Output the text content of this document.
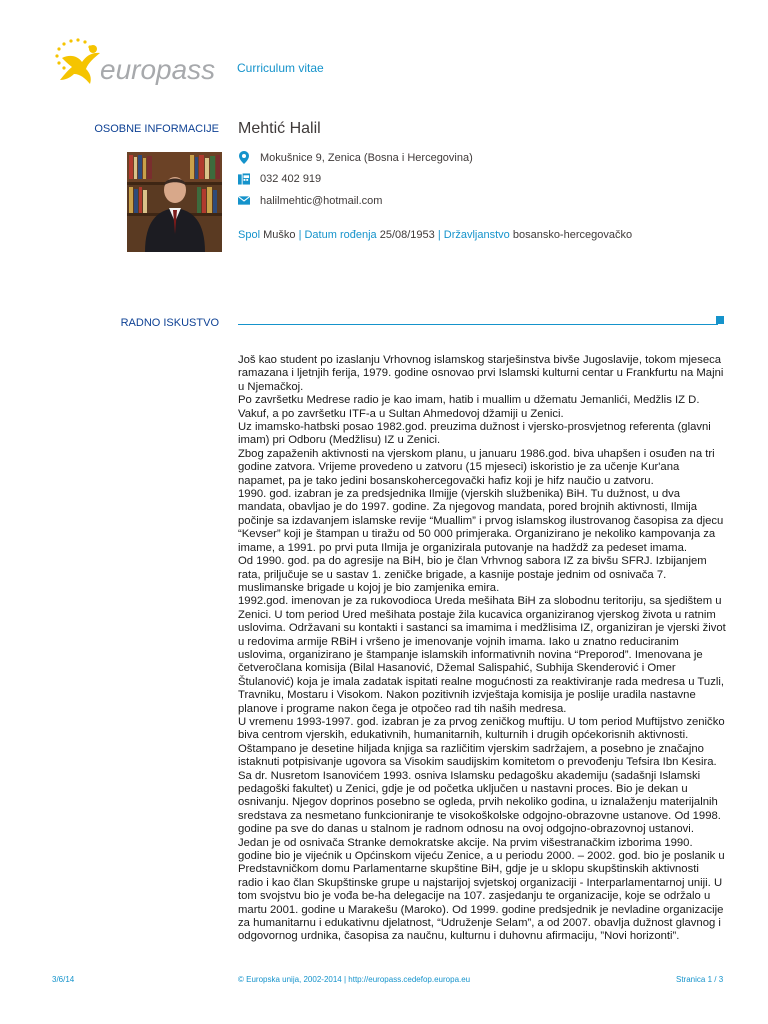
europass Curriculum vitae
OSOBNE INFORMACIJE Mehtić Halil
Mokušnice 9, Zenica (Bosna i Hercegovina)
032 402 919
halilmehtic@hotmail.com
Spol Muško | Datum rođenja 25/08/1953 | Državljanstvo bosansko-hercegovačko
RADNO ISKUSTVO

Još kao student po izaslanju Vrhovnog islamskog starješinstva bivše Jugoslavije, tokom mjeseca ramazana i ljetnjih ferija, 1979. godine osnovao prvi Islamski kulturni centar u Frankfurtu na Majni u Njemačkoj.

Po završetku Medrese radio je kao imam, hatib i muallim u džematu Jemanlići, Medžlis IZ D. Vakuf, a po završetku ITF-a u Sultan Ahmedovoj džamiji u Zenici.

Uz imamsko-hatbski posao 1982.god. preuzima dužnost i vjersko-prosvjetnog referenta (glavni imam) pri Odboru (Medžlisu) IZ u Zenici.

Zbog zapaženih aktivnosti na vjerskom planu, u januaru 1986.god. biva uhapšen i osuđen na tri godine zatvora. Vrijeme provedeno u zatvoru (15 mjeseci) iskoristio je za učenje Kur'ana napamet, pa je tako jedini bosanskohercegovački hafiz koji je hifz naučio u zatvoru.

1990. god. izabran je za predsjednika Ilmijje (vjerskih službenika) BiH. Tu dužnost, u dva mandata, obavljao je do 1997. godine. Za njegovog mandata, pored brojnih aktivnosti, Ilmija počinje sa izdavanjem islamske revije “Muallim” i prvog islamskog ilustrovanog časopisa za djecu “Kevser” koji je štampan u tiražu od 50 000 primjeraka. Organizirano je nekoliko kampovanja za imame, a 1991. po prvi puta Ilmija je organizirala putovanje na hadždž za pedeset imama.

Od 1990. god. pa do agresije na BiH, bio je član Vrhvnog sabora IZ za bivšu SFRJ. Izbijanjem rata, priljučuje se u sastav 1. zeničke brigade, a kasnije postaje jednim od osnivača 7. muslimanske brigade u kojoj je bio zamjenika emira.

1992.god. imenovan je za rukovodioca Ureda mešihata BiH za slobodnu teritoriju, sa sjedištem u Zenici. U tom period Ured mešihata postaje žila kucavica organiziranog vjerskog života u ratnim uslovima. Održavani su kontakti i sastanci sa imamima i medžlisima IZ, organiziran je vjerski život u redovima armije RBiH i vršeno je imenovanje vojnih imama. Iako u znatno reduciranim uslovima, organizirano je štampanje islamskih informativnih novina “Preporod”. Imenovana je četveročlana komisija (Bilal Hasanović, Džemal Salispahić, Subhija Skenderović i Omer Štulanović) koja je imala zadatak ispitati realne mogućnosti za reaktiviranje rada medresa u Tuzli, Travniku, Mostaru i Visokom. Nakon pozitivnih izvještaja komisija je poslije uradila nastavne planove i programe nakon čega je otpočeo rad tih naših medresa.

U vremenu 1993-1997. god. izabran je za prvog zeničkog muftiju. U tom period Muftijstvo zeničko biva centrom vjerskih, edukativnih, humanitarnih, kulturnih i drugih općekorisnih aktivnosti. Oštampano je desetine hiljada knjiga sa različitim vjerskim sadržajem, a posebno je značajno istaknuti potpisivanje ugovora sa Visokim saudijskim komitetom o prevođenju Tefsira Ibn Kesira.

Sa dr. Nusretom Isanovićem 1993. osniva Islamsku pedagošku akademiju (sadašnji Islamski pedagoški fakultet) u Zenici, gdje je od početka uključen u nastavni proces. Bio je dekan u osnivanju. Njegov doprinos posebno se ogleda, prvih nekoliko godina, u iznalaženju materijalnih sredstava za nesmetano funkcioniranje te visokoškolske odgojno-obrazovne ustanove. Od 1998. godine pa sve do danas u stalnom je radnom odnosu na ovoj odgojno-obrazovnoj ustanovi.

Jedan je od osnivača Stranke demokratske akcije. Na prvim višestranačkim izborima 1990. godine bio je vijećnik u Općinskom vijeću Zenice, a u periodu 2000. – 2002. god. bio je poslanik u Predstavničkom domu Parlamentarne skupštine BiH, gdje je u sklopu skupštinskih aktivnosti radio i kao član Skupštinske grupe u najstarijoj svjetskoj organizaciji - Interparlamentarnoj uniji. U tom svojstvu bio je vođa be-ha delegacije na 107. zasjedanju te organizacije, koje se održalo u martu 2001. godine u Marakešu (Maroko). Od 1999. godine predsjednik je nevladine organizacije za humanitarnu i edukativnu djelatnost, “Udruženje Selam”, a od 2007. obavlja dužnost glavnog i odgovornog urdnika, časopisa za naučnu, kulturnu i duhovnu afirmaciju, ”Novi horizonti”.

3/6/14	© Europska unija, 2002-2014 | http://europass.cedefop.europa.eu	Stranica 1 / 3
